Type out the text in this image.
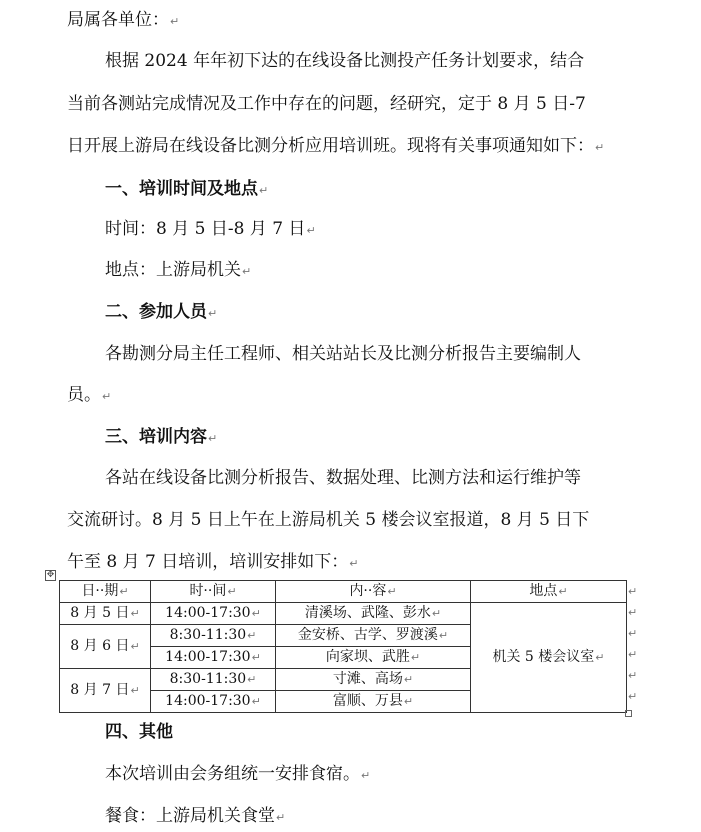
局属各单位：↵
根据 2024 年年初下达的在线设备比测投产任务计划要求，结合
当前各测站完成情况及工作中存在的问题，经研究，定于 8 月 5 日-7
日开展上游局在线设备比测分析应用培训班。现将有关事项通知如下：↵
一、培训时间及地点↵
时间：8 月 5 日-8 月 7 日↵
地点：上游局机关↵
二、参加人员↵
各勘测分局主任工程师、相关站站长及比测分析报告主要编制人
员。↵
三、培训内容↵
各站在线设备比测分析报告、数据处理、比测方法和运行维护等
交流研讨。8 月 5 日上午在上游局机关 5 楼会议室报道，8 月 5 日下
午至 8 月 7 日培训，培训安排如下：↵
✥
日··期↵	时··间↵	内··容↵	地点↵
8 月 5 日↵	14:00-17:30↵	清溪场、武隆、彭水↵	机关 5 楼会议室↵
8 月 6 日↵	8:30-11:30↵	金安桥、古学、罗渡溪↵	
	14:00-17:30↵	向家坝、武胜↵	
8 月 7 日↵	8:30-11:30↵	寸滩、高场↵	
	14:00-17:30↵	富顺、万县↵	
↵
↵
↵
↵
↵
↵
四、其他
本次培训由会务组统一安排食宿。↵
餐食：上游局机关食堂↵
